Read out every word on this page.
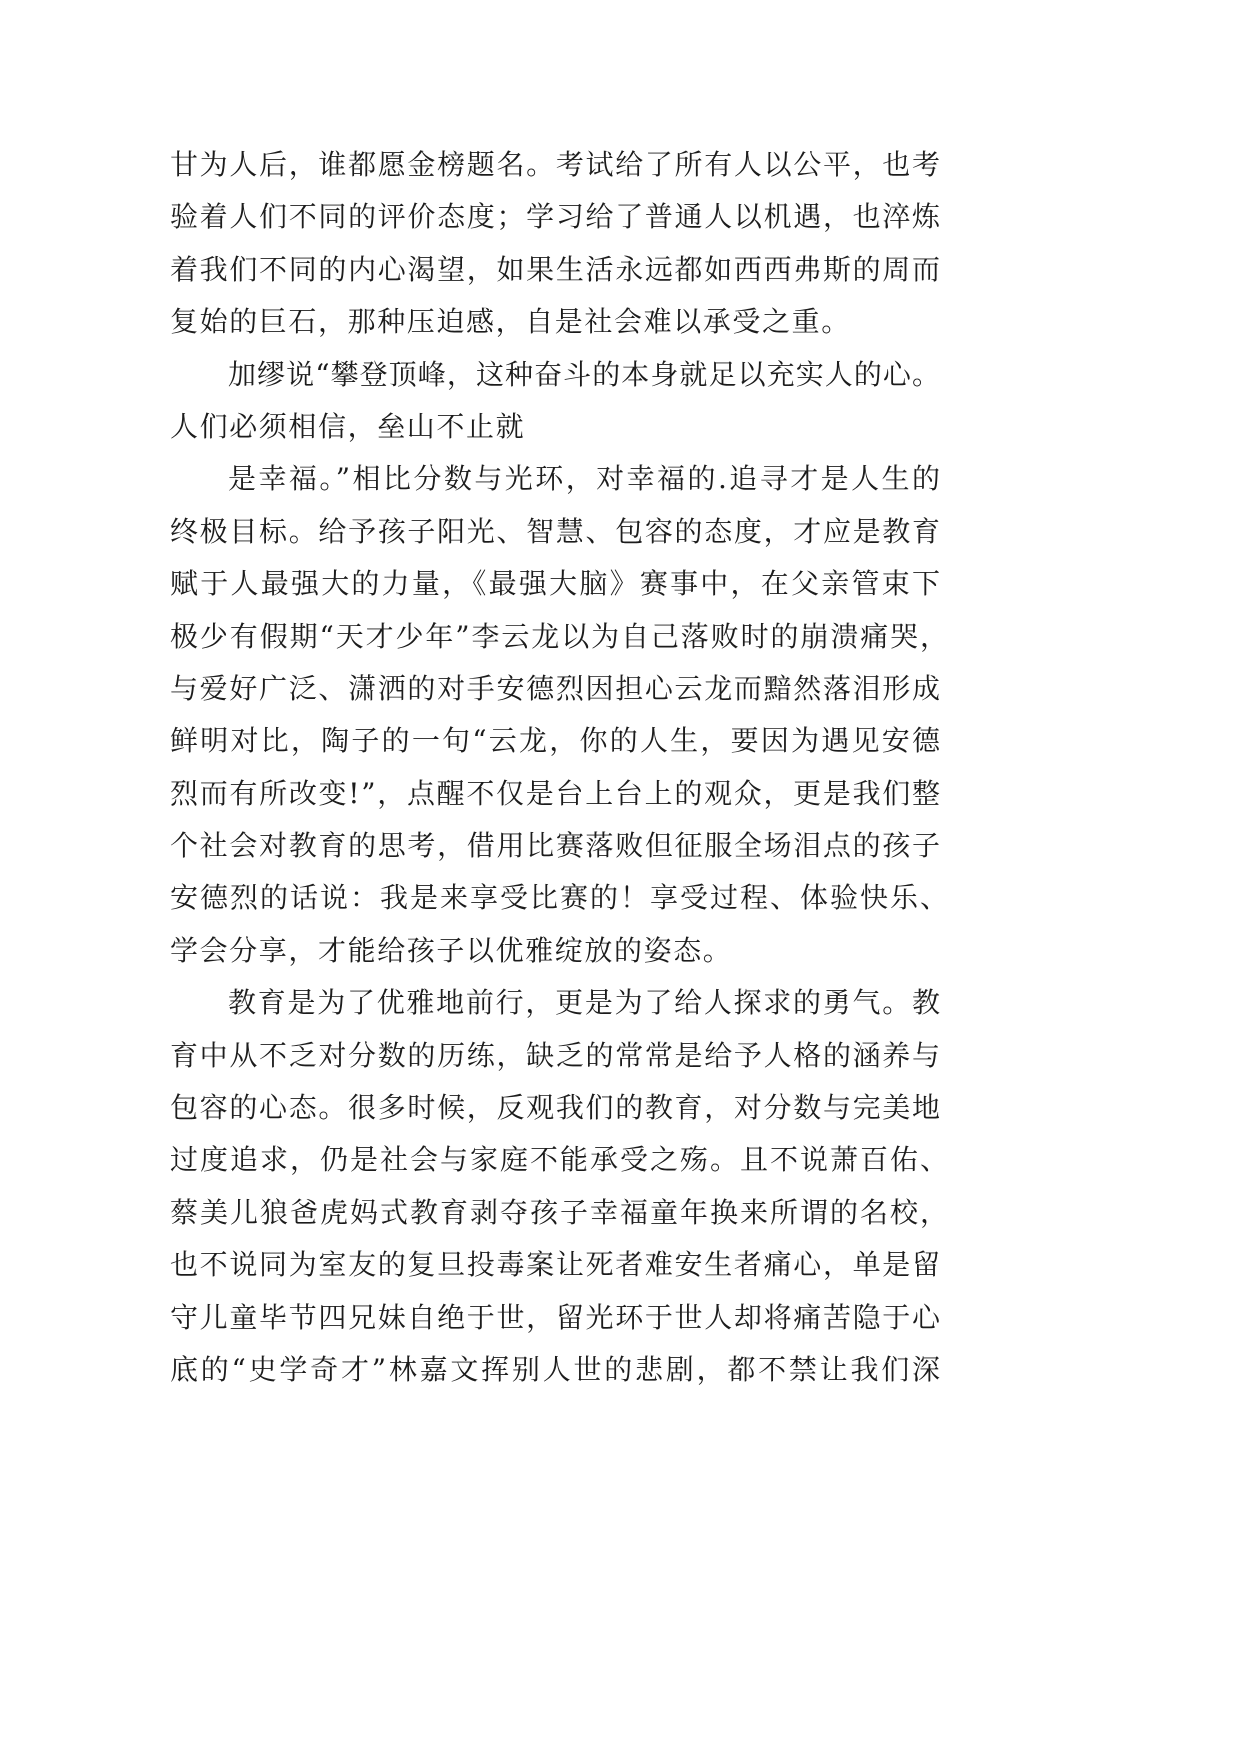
甘为人后，谁都愿金榜题名。考试给了所有人以公平，也考
验着人们不同的评价态度；学习给了普通人以机遇，也淬炼
着我们不同的内心渴望，如果生活永远都如西西弗斯的周而
复始的巨石，那种压迫感，自是社会难以承受之重。
加缪说“攀登顶峰，这种奋斗的本身就足以充实人的心。
人们必须相信，垒山不止就
是幸福。”相比分数与光环，对幸福的.追寻才是人生的
终极目标。给予孩子阳光、智慧、包容的态度，才应是教育
赋于人最强大的力量，《最强大脑》赛事中，在父亲管束下
极少有假期“天才少年”李云龙以为自己落败时的崩溃痛哭，
与爱好广泛、潇洒的对手安德烈因担心云龙而黯然落泪形成
鲜明对比，陶子的一句“云龙，你的人生，要因为遇见安德
烈而有所改变!”，点醒不仅是台上台上的观众，更是我们整
个社会对教育的思考，借用比赛落败但征服全场泪点的孩子
安德烈的话说：我是来享受比赛的！享受过程、体验快乐、
学会分享，才能给孩子以优雅绽放的姿态。
教育是为了优雅地前行，更是为了给人探求的勇气。教
育中从不乏对分数的历练，缺乏的常常是给予人格的涵养与
包容的心态。很多时候，反观我们的教育，对分数与完美地
过度追求，仍是社会与家庭不能承受之殇。且不说萧百佑、
蔡美儿狼爸虎妈式教育剥夺孩子幸福童年换来所谓的名校，
也不说同为室友的复旦投毒案让死者难安生者痛心，单是留
守儿童毕节四兄妹自绝于世，留光环于世人却将痛苦隐于心
底的“史学奇才”林嘉文挥别人世的悲剧，都不禁让我们深
